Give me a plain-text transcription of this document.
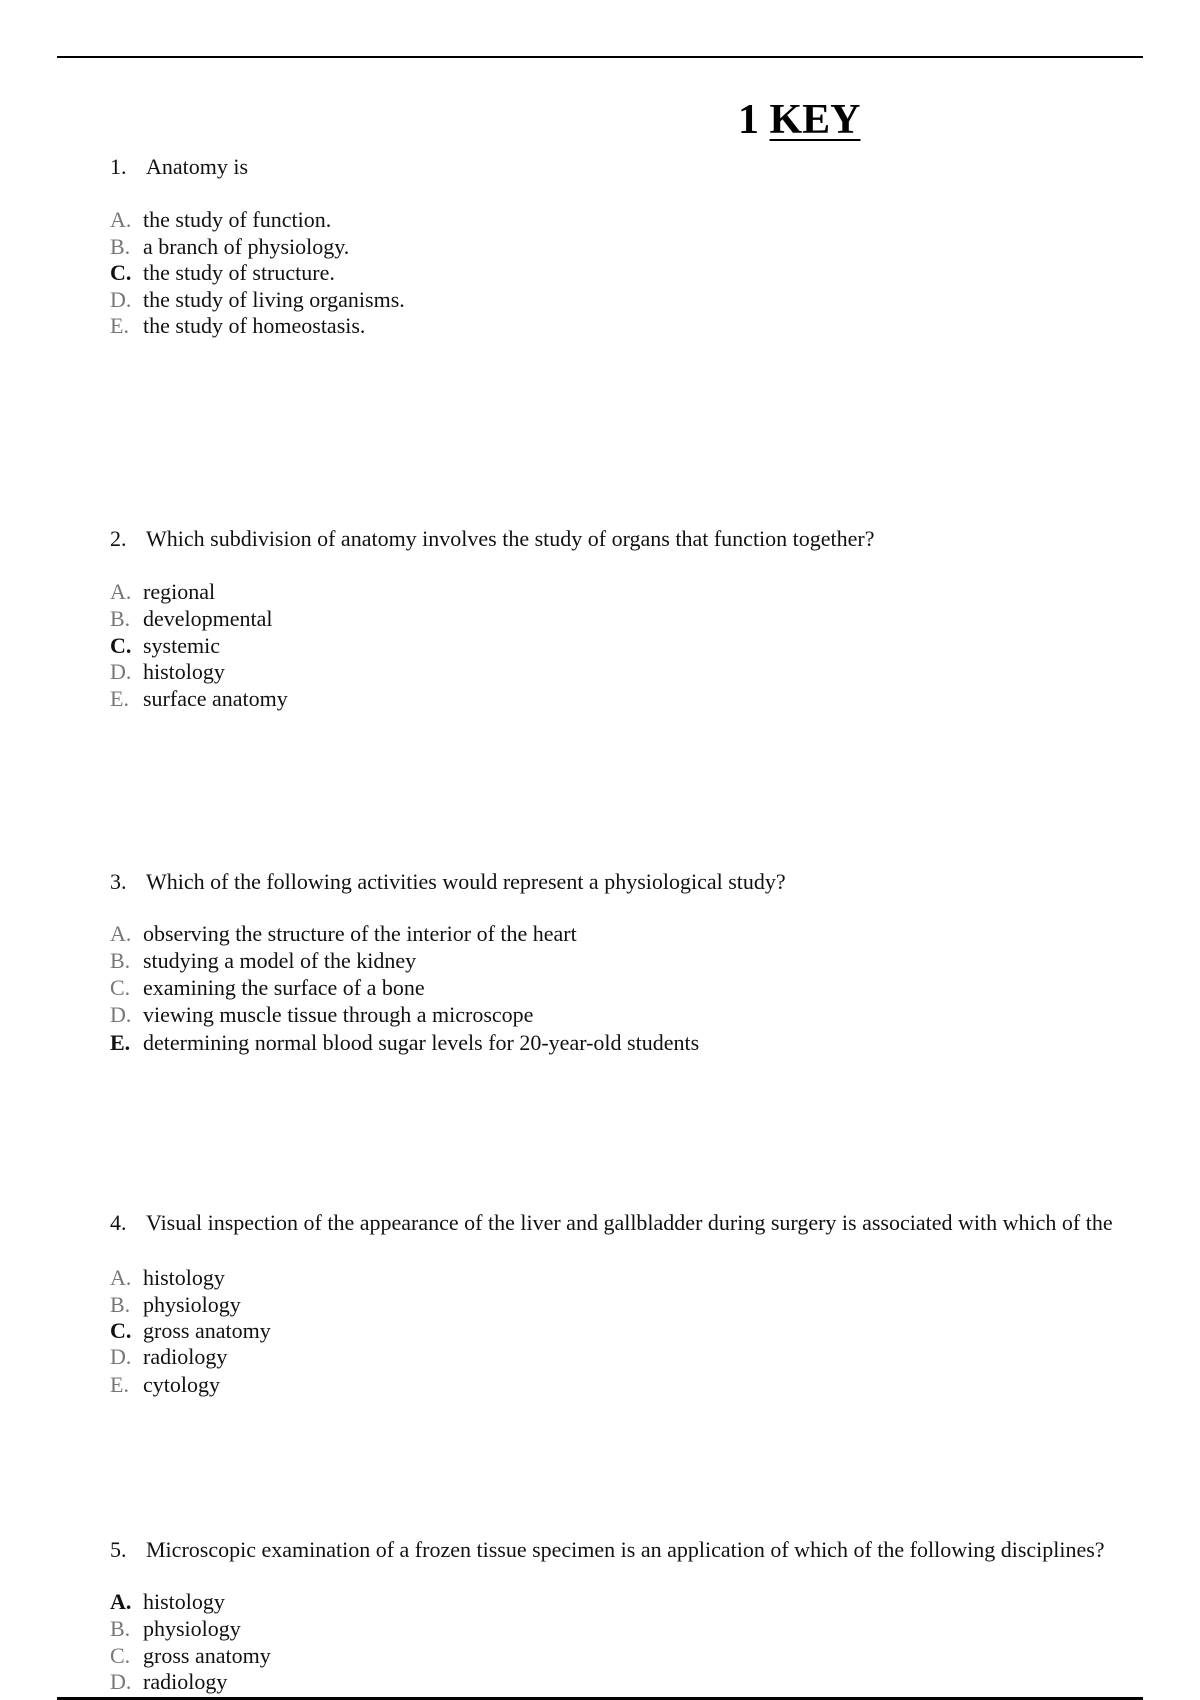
1 KEY
1. Anatomy is
A. the study of function.
B. a branch of physiology.
C. the study of structure.
D. the study of living organisms.
E. the study of homeostasis.
2. Which subdivision of anatomy involves the study of organs that function together?
A. regional
B. developmental
C. systemic
D. histology
E. surface anatomy
3. Which of the following activities would represent a physiological study?
A. observing the structure of the interior of the heart
B. studying a model of the kidney
C. examining the surface of a bone
D. viewing muscle tissue through a microscope
E. determining normal blood sugar levels for 20-year-old students
4. Visual inspection of the appearance of the liver and gallbladder during surgery is associated with which of the
A. histology
B. physiology
C. gross anatomy
D. radiology
E. cytology
5. Microscopic examination of a frozen tissue specimen is an application of which of the following disciplines?
A. histology
B. physiology
C. gross anatomy
D. radiology
